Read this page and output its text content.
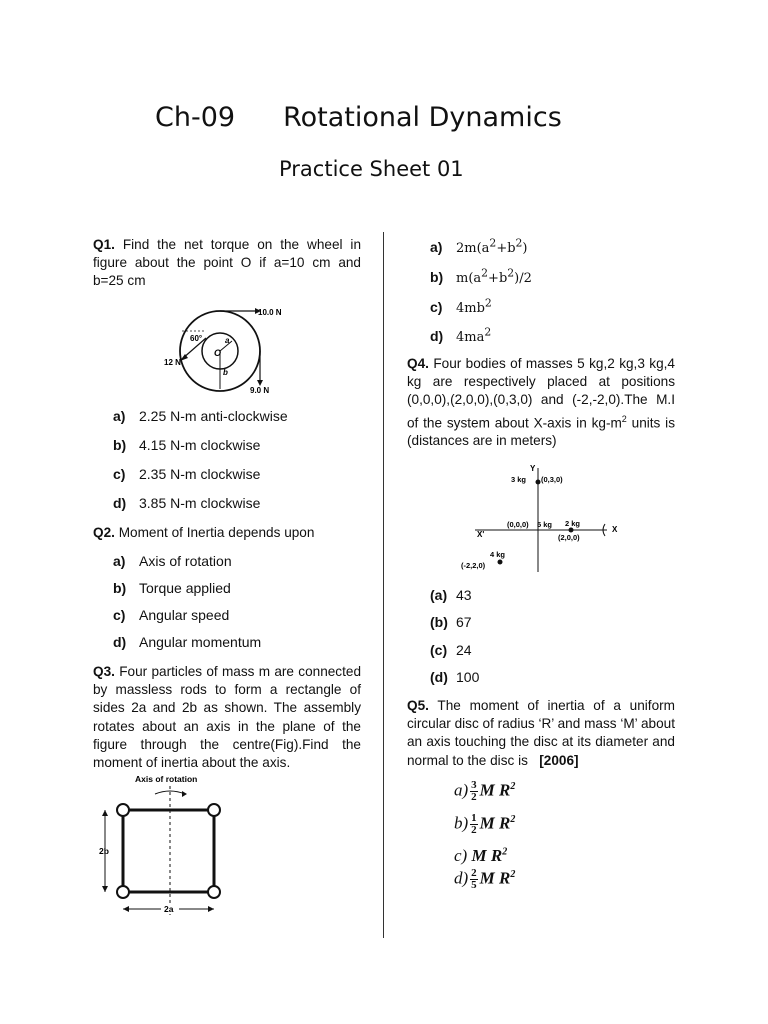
Ch-09 Rotational Dynamics
Practice Sheet 01

Q1. Find the net torque on the wheel in figure about the point O if a=10 cm and b=25 cm

10.0 N
12 N
9.0 N
60°
O
a
b
a) 2.25 N-m anti-clockwise
b) 4.15 N-m clockwise
c) 2.35 N-m clockwise
d) 3.85 N-m clockwise

Q2. Moment of Inertia depends upon

a) Axis of rotation
b) Torque applied
c) Angular speed
d) Angular momentum

Q3. Four particles of mass m are connected by massless rods to form a rectangle of sides 2a and 2b as shown. The assembly rotates about an axis in the plane of the figure through the centre(Fig).Find the moment of inertia about the axis.

Axis of rotation
2b
2a
a) $2m(a^2+b^2)$
b) $m(a^2+b^2)/2$
c) $4mb^2$
d) $4ma^2$

Q4. Four bodies of masses 5 kg,2 kg,3 kg,4 kg are respectively placed at positions (0,0,0),(2,0,0),(0,3,0) and (-2,-2,0).The M.I of the system about X-axis in $kg-m^2$ units is (distances are in meters)

Y
X
X'
3 kg (0,3,0)
(0,0,0) 5 kg 2 kg
(2,0,0)
4 kg
(-2,2,0)
(a) 43
(b) 67
(c) 24
(d) 100

Q5. The moment of inertia of a uniform circular disc of radius ‘R’ and mass ‘M’ about an axis touching the disc at its diameter and normal to the disc is [2006]

$a) \frac{3}{2}$ M $R^2$
$b) \frac{1}{2}$ M $R^2$
c) M $R^2$
$d) \frac{2}{5}$ M $R^2$
